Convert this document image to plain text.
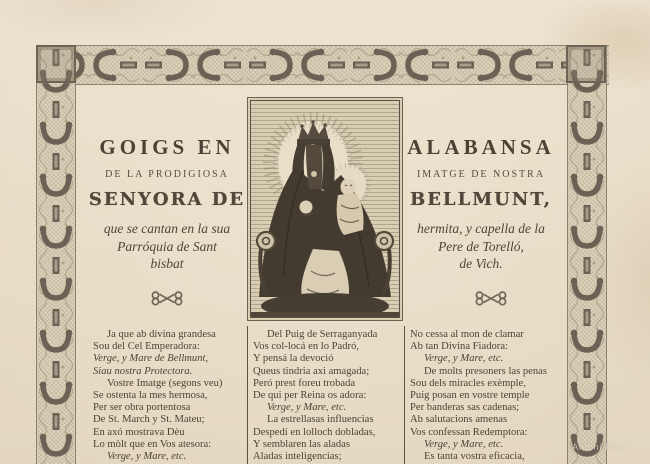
GOIGS EN
DE LA PRODIGIOSA
SENYORA DE
que se cantan en la sua
Parróquia de Sant
bisbat
ALABANSA
IMATGE DE NOSTRA
BELLMUNT,
hermita, y capella de la
Pere de Torelló,
de Vich.
Ja que ab divina grandesa
Sou del Cel Emperadora:
Verge, y Mare de Bellmunt,
Siau nostra Protectora.
Vostre Imatge (segons veu)
Se ostenta la mes hermosa,
Per ser obra portentosa
De St. March y St. Mateu;
En axó mostrava Dèu
Lo mòlt que en Vos atesora:
Verge, y Mare, etc.
Del Puig de Serraganyada
Vos col-locá en lo Padró,
Y pensá la devoció
Queus tindria axi amagada;
Peró prest foreu trobada
De qui per Reina os adora:
Verge, y Mare, etc.
La estrellasas influencias
Despedí en lolloch dobladas,
Y semblaren las aladas
Aladas inteligencias;
No cessa al mon de clamar
Ab tan Divina Fiadora:
Verge, y Mare, etc.
De molts presoners las penas
Sou dels miracles exèmple,
Puig posan en vostre temple
Per banderas sas cadenas;
Ab salutacions amenas
Vos confessan Redemptora:
Verge, y Mare, etc.
Es tanta vostra eficacia,
Antoni Prat
